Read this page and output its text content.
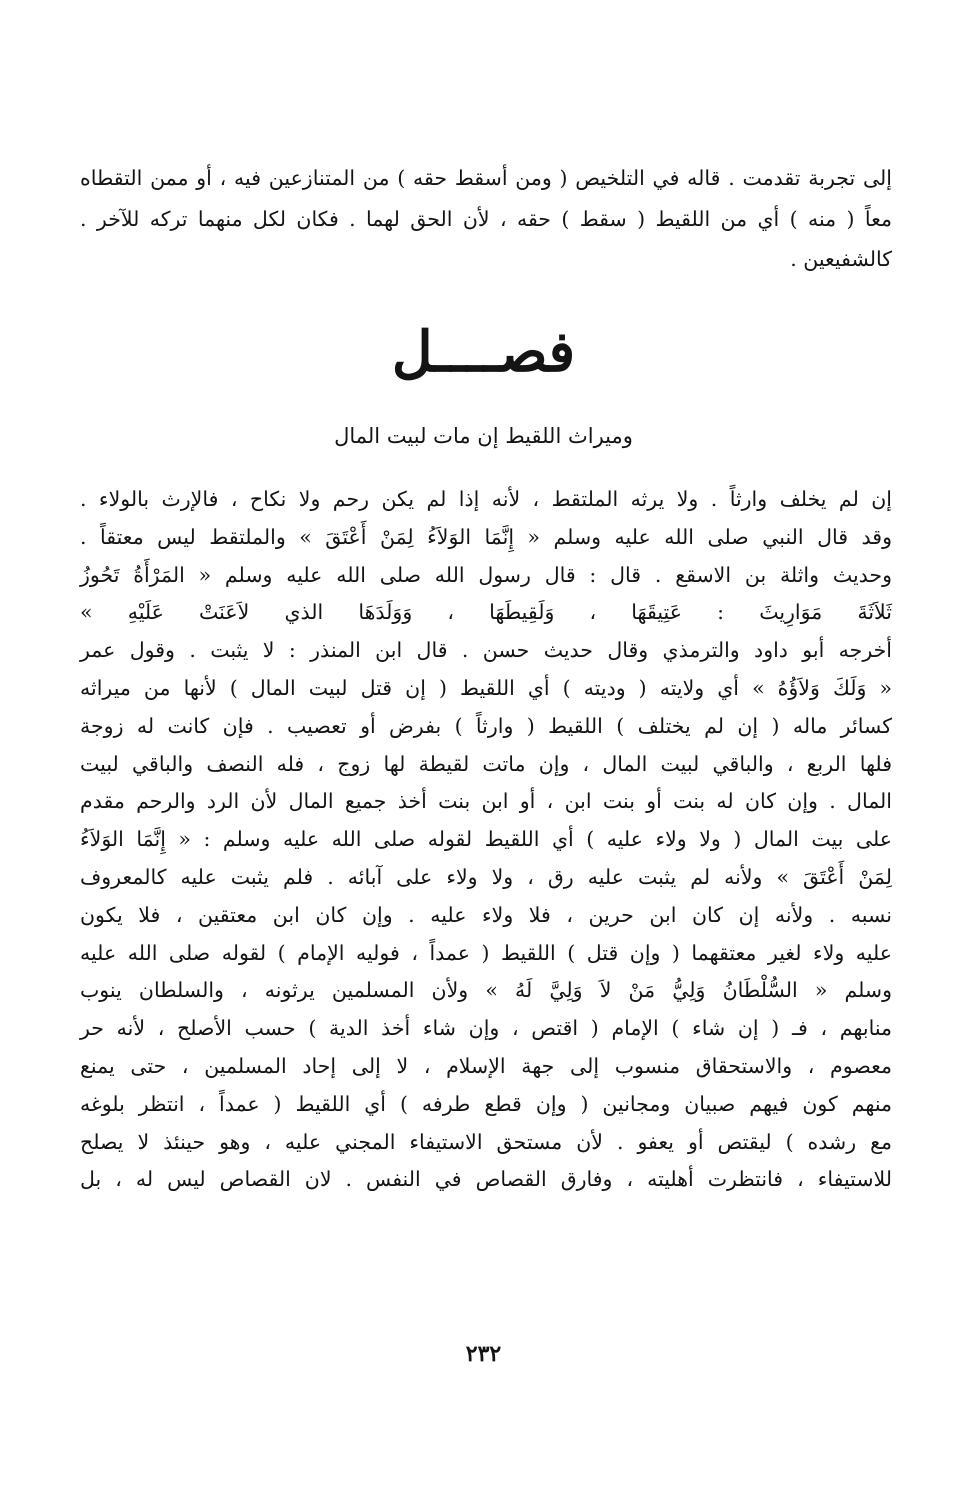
إلى تجربة تقدمت . قاله في التلخيص ( ومن أسقط حقه ) من المتنازعين فيه ، أو ممن التقطاه
معاً ( منه ) أي من اللقيط ( سقط ) حقه ، لأن الحق لهما . فكان لكل منهما تركه للآخر .
كالشفيعين .
فصــــل
وميراث اللقيط إن مات لبيت المال
إن لم يخلف وارثاً . ولا يرثه الملتقط ، لأنه إذا لم يكن رحم ولا نكاح ، فالإرث بالولاء .
وقد قال النبي صلى الله عليه وسلم « إِنَّمَا الوَلاَءُ لِمَنْ أَعْتَقَ » والملتقط ليس معتقاً .
وحديث واثلة بن الاسقع . قال : قال رسول الله صلى الله عليه وسلم « المَرْأَةُ تَحُوزُ
ثَلاَثَةَ مَوَارِيثَ : عَتِيقَهَا ، وَلَقِيطَهَا ، وَوَلَدَهَا الذي لاَعَنَتْ عَلَيْهِ »
أخرجه أبو داود والترمذي وقال حديث حسن . قال ابن المنذر : لا يثبت . وقول عمر
« وَلَكَ وَلاَؤُهُ » أي ولايته ( وديته ) أي اللقيط ( إن قتل لبيت المال ) لأنها من ميراثه
كسائر ماله ( إن لم يختلف ) اللقيط ( وارثاً ) بفرض أو تعصيب . فإن كانت له زوجة
فلها الربع ، والباقي لبيت المال ، وإن ماتت لقيطة لها زوج ، فله النصف والباقي لبيت
المال . وإن كان له بنت أو بنت ابن ، أو ابن بنت أخذ جميع المال لأن الرد والرحم مقدم
على بيت المال ( ولا ولاء عليه ) أي اللقيط لقوله صلى الله عليه وسلم : « إِنَّمَا الوَلاَءُ
لِمَنْ أَعْتَقَ » ولأنه لم يثبت عليه رق ، ولا ولاء على آبائه . فلم يثبت عليه كالمعروف
نسبه . ولأنه إن كان ابن حرين ، فلا ولاء عليه . وإن كان ابن معتقين ، فلا يكون
عليه ولاء لغير معتقهما ( وإن قتل ) اللقيط ( عمداً ، فوليه الإمام ) لقوله صلى الله عليه
وسلم « السُّلْطَانُ وَلِيُّ مَنْ لاَ وَلِيَّ لَهُ » ولأن المسلمين يرثونه ، والسلطان ينوب
منابهم ، فـ ( إن شاء ) الإمام ( اقتص ، وإن شاء أخذ الدية ) حسب الأصلح ، لأنه حر
معصوم ، والاستحقاق منسوب إلى جهة الإسلام ، لا إلى إحاد المسلمين ، حتى يمنع
منهم كون فيهم صبيان ومجانين ( وإن قطع طرفه ) أي اللقيط ( عمداً ، انتظر بلوغه
مع رشده ) ليقتص أو يعفو . لأن مستحق الاستيفاء المجني عليه ، وهو حينئذ لا يصلح
للاستيفاء ، فانتظرت أهليته ، وفارق القصاص في النفس . لان القصاص ليس له ، بل
٢٣٢
